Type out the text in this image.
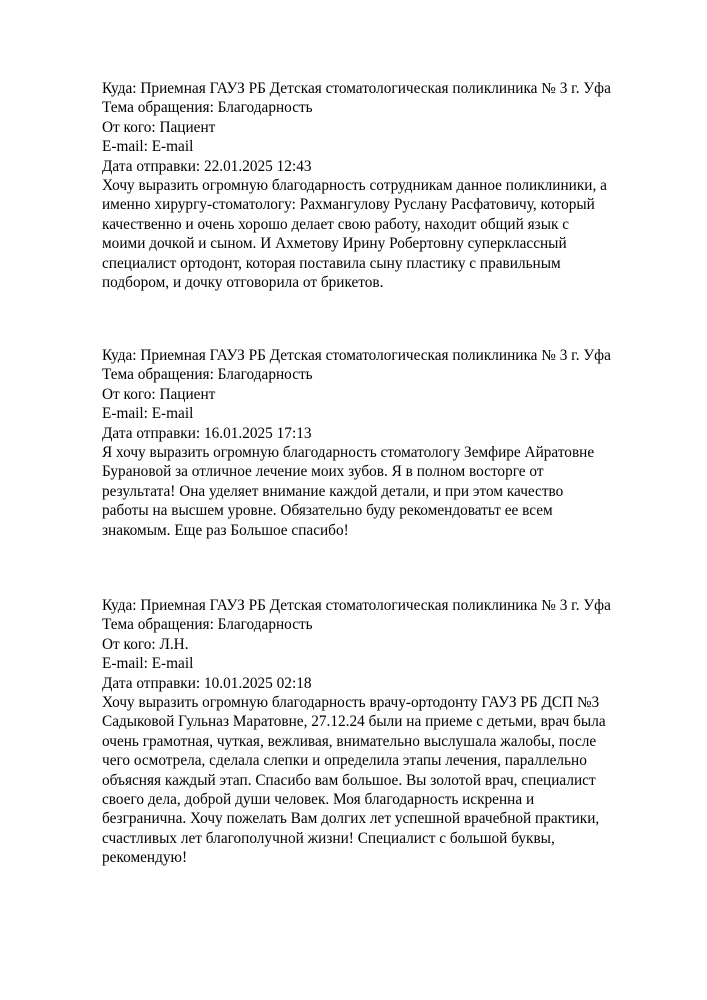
Куда: Приемная ГАУЗ РБ Детская стоматологическая поликлиника № 3 г. Уфа
Тема обращения: Благодарность
От кого: Пациент
E-mail: E-mail
Дата отправки: 22.01.2025 12:43
Хочу выразить огромную благодарность сотрудникам данное поликлиники, а
именно хирургу-стоматологу: Рахмангулову Руслану Расфатовичу, который
качественно и очень хорошо делает свою работу, находит общий язык с
моими дочкой и сыном. И Ахметову Ирину Робертовну суперклассный
специалист ортодонт, которая поставила сыну пластику с правильным
подбором, и дочку отговорила от брикетов.
Куда: Приемная ГАУЗ РБ Детская стоматологическая поликлиника № 3 г. Уфа
Тема обращения: Благодарность
От кого: Пациент
E-mail: E-mail
Дата отправки: 16.01.2025 17:13
Я хочу выразить огромную благодарность стоматологу Земфире Айратовне
Бурановой за отличное лечение моих зубов. Я в полном восторге от
результата! Она уделяет внимание каждой детали, и при этом качество
работы на высшем уровне. Обязательно буду рекомендоватьт ее всем
знакомым. Еще раз Большое спасибо!
Куда: Приемная ГАУЗ РБ Детская стоматологическая поликлиника № 3 г. Уфа
Тема обращения: Благодарность
От кого: Л.Н.
E-mail: E-mail
Дата отправки: 10.01.2025 02:18
Хочу выразить огромную благодарность врачу-ортодонту ГАУЗ РБ ДСП №3
Садыковой Гульназ Маратовне, 27.12.24 были на приеме с детьми, врач была
очень грамотная, чуткая, вежливая, внимательно выслушала жалобы, после
чего осмотрела, сделала слепки и определила этапы лечения, параллельно
объясняя каждый этап. Спасибо вам большое. Вы золотой врач, специалист
своего дела, доброй души человек. Моя благодарность искренна и
безгранична. Хочу пожелать Вам долгих лет успешной врачебной практики,
счастливых лет благополучной жизни! Специалист с большой буквы,
рекомендую!
